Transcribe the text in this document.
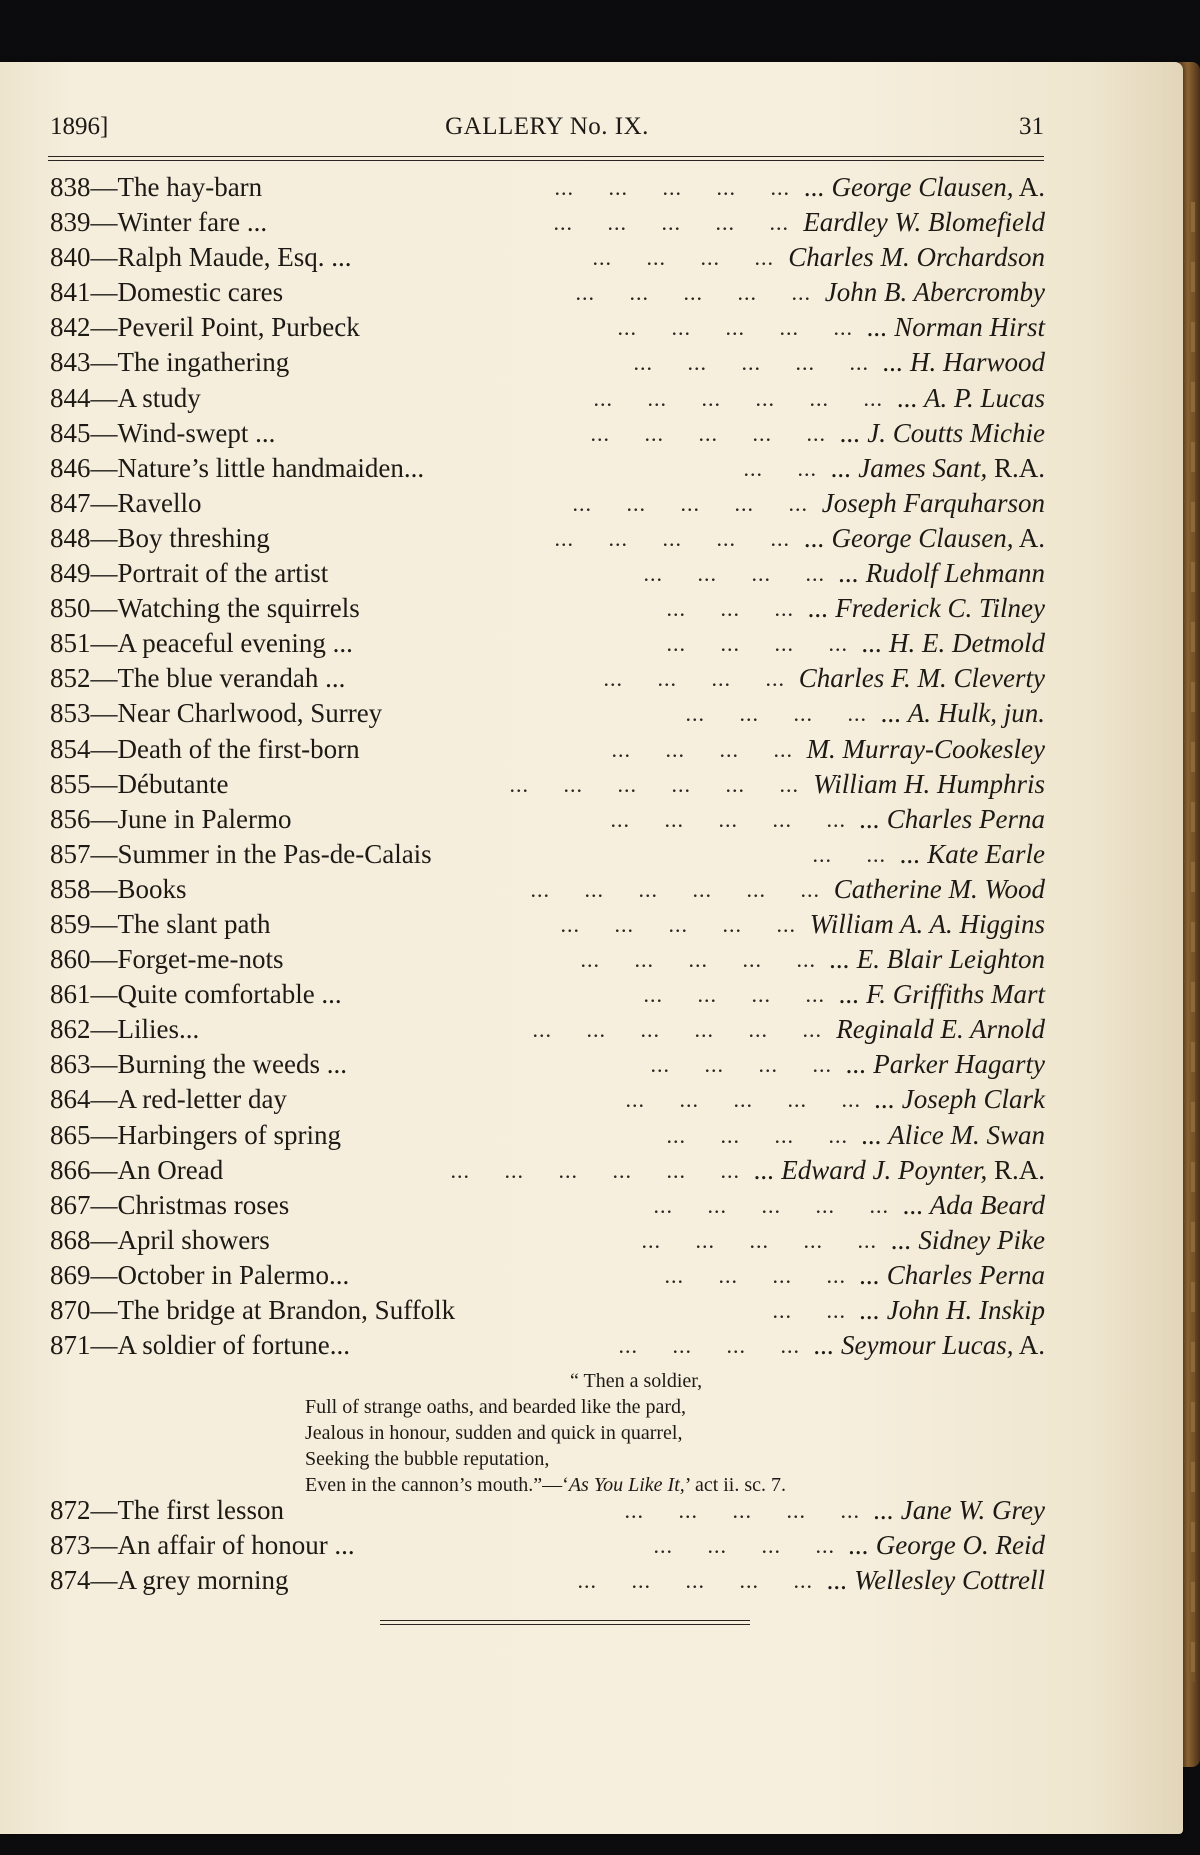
1896]	GALLERY No. IX.	31
838—The hay-barn	... ... ... ... ... ... George Clausen, A.
839—Winter fare ...	... ... ... ... ... Eardley W. Blomefield
840—Ralph Maude, Esq. ...	... ... ... ... Charles M. Orchardson
841—Domestic cares	... ... ... ... ... John B. Abercromby
842—Peveril Point, Purbeck	... ... ... ... ... ... Norman Hirst
843—The ingathering	... ... ... ... ... ... H. Harwood
844—A study	... ... ... ... ... ... ... A. P. Lucas
845—Wind-swept ...	... ... ... ... ... ... J. Coutts Michie
846—Nature’s little handmaiden...	... ... ... James Sant, R.A.
847—Ravello	... ... ... ... ... Joseph Farquharson
848—Boy threshing	... ... ... ... ... ... George Clausen, A.
849—Portrait of the artist	... ... ... ... ... Rudolf Lehmann
850—Watching the squirrels	... ... ... ... Frederick C. Tilney
851—A peaceful evening ...	... ... ... ... ... H. E. Detmold
852—The blue verandah ...	... ... ... ... Charles F. M. Cleverty
853—Near Charlwood, Surrey	... ... ... ... ... A. Hulk, jun.
854—Death of the first-born	... ... ... ... M. Murray-Cookesley
855—Débutante	... ... ... ... ... ... William H. Humphris
856—June in Palermo	... ... ... ... ... ... Charles Perna
857—Summer in the Pas-de-Calais	... ... ... Kate Earle
858—Books	... ... ... ... ... ... Catherine M. Wood
859—The slant path	... ... ... ... ... William A. A. Higgins
860—Forget-me-nots	... ... ... ... ... ... E. Blair Leighton
861—Quite comfortable ...	... ... ... ... ... F. Griffiths Mart
862—Lilies...	... ... ... ... ... ... Reginald E. Arnold
863—Burning the weeds ...	... ... ... ... ... Parker Hagarty
864—A red-letter day	... ... ... ... ... ... Joseph Clark
865—Harbingers of spring	... ... ... ... ... Alice M. Swan
866—An Oread	... ... ... ... ... ... ... Edward J. Poynter, R.A.
867—Christmas roses	... ... ... ... ... ... Ada Beard
868—April showers	... ... ... ... ... ... Sidney Pike
869—October in Palermo...	... ... ... ... ... Charles Perna
870—The bridge at Brandon, Suffolk	... ... ... John H. Inskip
871—A soldier of fortune...	... ... ... ... ... Seymour Lucas, A.
“ Then a soldier,
Full of strange oaths, and bearded like the pard,
Jealous in honour, sudden and quick in quarrel,
Seeking the bubble reputation,
Even in the cannon’s mouth.”—‘As You Like It,’ act ii. sc. 7.
872—The first lesson	... ... ... ... ... ... Jane W. Grey
873—An affair of honour ...	... ... ... ... ... George O. Reid
874—A grey morning	... ... ... ... ... ... Wellesley Cottrell
